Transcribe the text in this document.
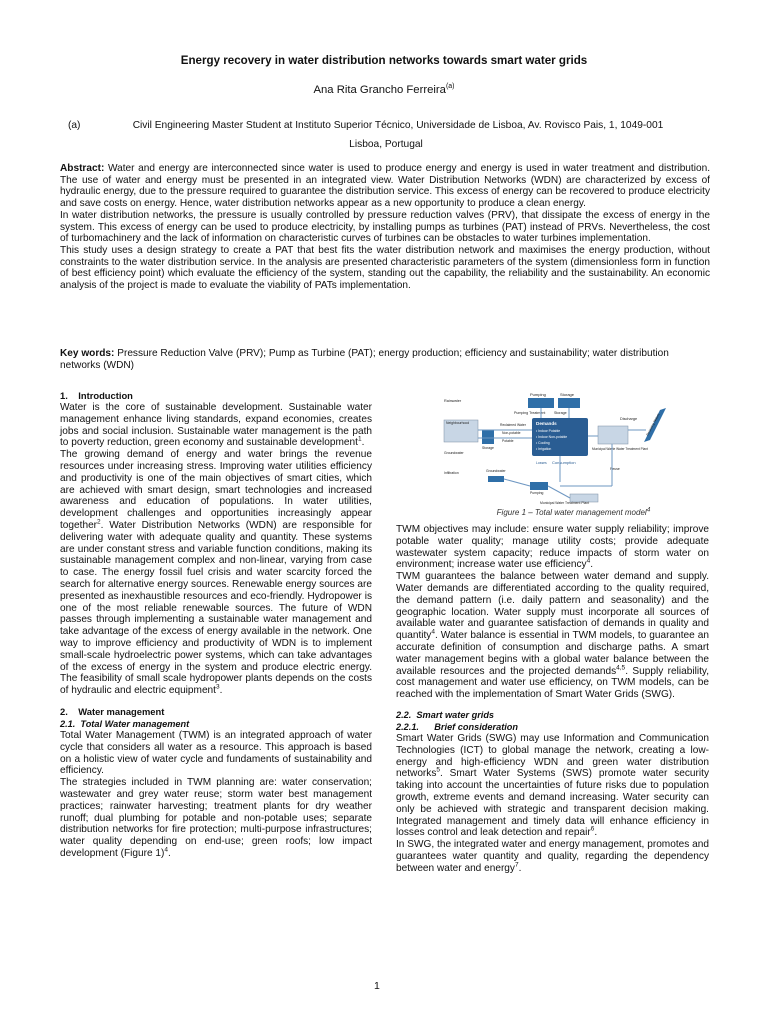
Energy recovery in water distribution networks towards smart water grids
Ana Rita Grancho Ferreira$^{(a)}$
(a)	Civil Engineering Master Student at Instituto Superior Técnico, Universidade de Lisboa, Av. Rovisco Pais, 1, 1049-001
Lisboa, Portugal

Abstract: Water and energy are interconnected since water is used to produce energy and energy is used in water treatment and distribution. The use of water and energy must be presented in an integrated view. Water Distribution Networks (WDN) are characterized by excess of hydraulic energy, due to the pressure required to guarantee the distribution service. This excess of energy can be recovered to produce electricity and save costs on energy. Hence, water distribution networks appear as a new opportunity to produce a clean energy.

In water distribution networks, the pressure is usually controlled by pressure reduction valves (PRV), that dissipate the excess of energy in the system. This excess of energy can be used to produce electricity, by installing pumps as turbines (PAT) instead of PRVs. Nevertheless, the cost of turbomachinery and the lack of information on characteristic curves of turbines can be obstacles to water turbines implementation.

This study uses a design strategy to create a PAT that best fits the water distribution network and maximises the energy production, without constraints to the water distribution service. In the analysis are presented characteristic parameters of the system (dimensionless form in function of best efficiency point) which evaluate the efficiency of the system, standing out the capability, the reliability and the sustainability. An economic analysis of the project is made to evaluate the viability of PATs implementation.

Key words: Pressure Reduction Valve (PRV); Pump as Turbine (PAT); energy production; efficiency and sustainability; water distribution networks (WDN)
1.    Introduction

Water is the core of sustainable development. Sustainable water management enhance living standards, expand economies, creates jobs and social inclusion. Sustainable water management is the path to poverty reduction, green economy and sustainable development$^1$.

The growing demand of energy and water brings the revenue resources under increasing stress. Improving water utilities efficiency and productivity is one of the main objectives of smart cities, which are achieved with smart design, smart technologies and increased awareness and education of populations. In water utilities, development challenges and opportunities increasingly appear together$^2$. Water Distribution Networks (WDN) are responsible for delivering water with adequate quality and quantity. These systems are under constant stress and variable function conditions, making its sustainable management complex and non-linear, varying from case to case. The energy fossil fuel crisis and water scarcity forced the search for alternative energy sources. Renewable energy sources are presented as inexhaustible resources and eco-friendly. Hydropower is one of the most reliable renewable sources. The future of WDN passes through implementing a sustainable water management and take advantage of the excess of energy available in the network. One way to improve efficiency and productivity of WDN is to implement small-scale hydroelectric power systems, which can take advantages of the excess of energy in the system and produce electric energy. The feasibility of small scale hydropower plants depends on the costs of hydraulic and electric equipment$^3$.

2.    Water management
2.1.  Total Water management

Total Water Management (TWM) is an integrated approach of water cycle that considers all water as a resource. This approach is based on a holistic view of water cycle and fundaments of sustainability and efficiency.

The strategies included in TWM planning are: water conservation; wastewater and grey water reuse; storm water best management practices; rainwater harvesting; treatment plants for dry weather runoff; dual plumbing for potable and non-potable uses; separate distribution networks for fire protection; multi-purpose infrastructures; water quality depending on end-use; green roofs; low impact development (Figure 1)$^4$.

Pumping	Storage
Pumping Treatment Storage
Rainwater
Neighbourhood
Storage
Groundwater
Infiltration
Reclaimed Water
Non-potable
Potable
Demands
• Indoor Potable
• Indoor Non-potable
• Cooling
• Irrigation
Losses Consumption
Municipal Waste Water Treatment Plant
Discharge
Reuse
Receiving Waters
Groundwater
Pumping
Municipal Water Treatment Plant
Figure 1 – Total water management model$^4$

TWM objectives may include: ensure water supply reliability; improve potable water quality; manage utility costs; provide adequate wastewater system capacity; reduce impacts of storm water on environment; increase water use efficiency$^4$.

TWM guarantees the balance between water demand and supply. Water demands are differentiated according to the quality required, the demand pattern (i.e. daily pattern and seasonality) and the geographic location. Water supply must incorporate all sources of available water and guarantee satisfaction of demands in quality and quantity$^4$. Water balance is essential in TWM models, to guarantee an accurate definition of consumption and discharge paths. A smart water management begins with a global water balance between the available resources and the projected demands$^{4,5}$. Supply reliability, cost management and water use efficiency, on TWM models, can be reached with the implementation of Smart Water Grids (SWG).

2.2.  Smart water grids
2.2.1.      Brief consideration

Smart Water Grids (SWG) may use Information and Communication Technologies (ICT) to global manage the network, creating a low-energy and high-efficiency WDN and green water distribution networks$^5$. Smart Water Systems (SWS) promote water security taking into account the uncertainties of future risks due to population growth, extreme events and demand increasing. Water security can only be achieved with strategic and transparent decision making. Integrated management and timely data will enhance efficiency in losses control and leak detection and repair$^6$.

In SWG, the integrated water and energy management, promotes and guarantees water quantity and quality, regarding the dependency between water and energy$^7$.

1
